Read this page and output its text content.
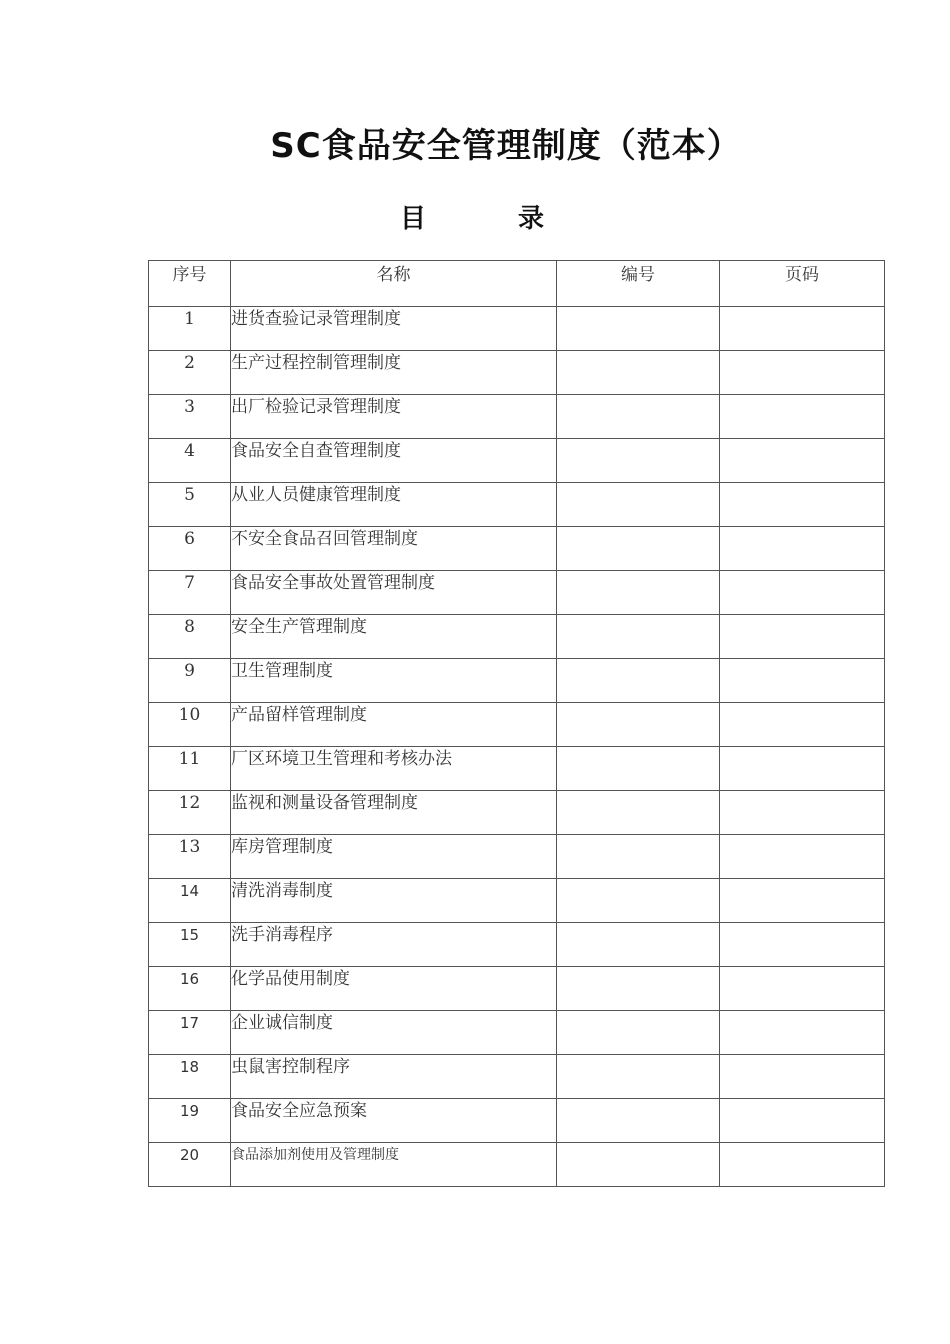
SC食品安全管理制度（范本）
目录
序号	名称	编号	页码
1	进货查验记录管理制度		
2	生产过程控制管理制度		
3	出厂检验记录管理制度		
4	食品安全自查管理制度		
5	从业人员健康管理制度		
6	不安全食品召回管理制度		
7	食品安全事故处置管理制度		
8	安全生产管理制度		
9	卫生管理制度		
10	产品留样管理制度		
11	厂区环境卫生管理和考核办法		
12	监视和测量设备管理制度		
13	库房管理制度		
14	清洗消毒制度		
15	洗手消毒程序		
16	化学品使用制度		
17	企业诚信制度		
18	虫鼠害控制程序		
19	食品安全应急预案		
20	食品添加剂使用及管理制度		
